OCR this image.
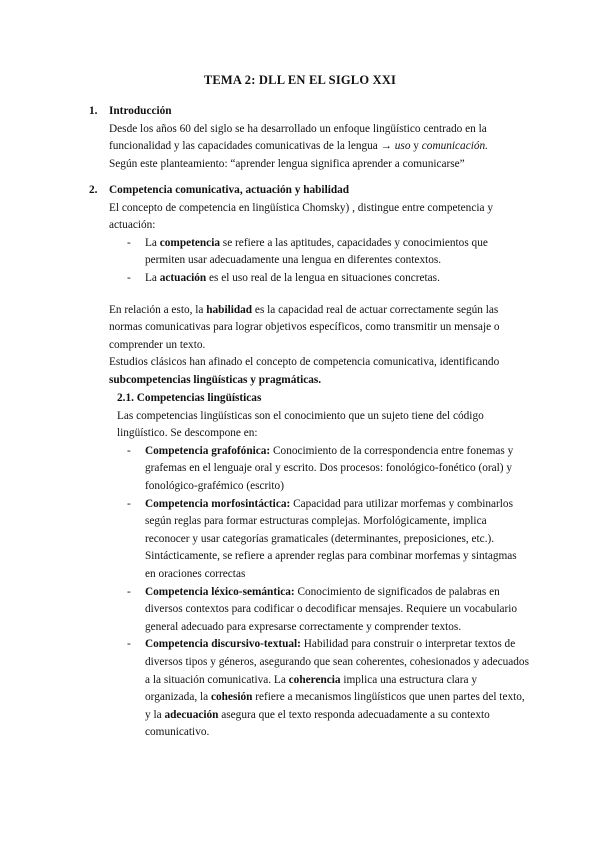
TEMA 2: DLL EN EL SIGLO XXI
1. Introducción

Desde los años 60 del siglo se ha desarrollado un enfoque lingüístico centrado en la funcionalidad y las capacidades comunicativas de la lengua → uso y comunicación.

Según este planteamiento: “aprender lengua significa aprender a comunicarse”

2. Competencia comunicativa, actuación y habilidad

El concepto de competencia en lingüística Chomsky) , distingue entre competencia y actuación:

- La competencia se refiere a las aptitudes, capacidades y conocimientos que permiten usar adecuadamente una lengua en diferentes contextos.
- La actuación es el uso real de la lengua en situaciones concretas.

En relación a esto, la habilidad es la capacidad real de actuar correctamente según las normas comunicativas para lograr objetivos específicos, como transmitir un mensaje o comprender un texto.

Estudios clásicos han afinado el concepto de competencia comunicativa, identificando subcompetencias lingüísticas y pragmáticas.

2.1. Competencias lingüísticas

Las competencias lingüísticas son el conocimiento que un sujeto tiene del código lingüístico. Se descompone en:

- Competencia grafofónica: Conocimiento de la correspondencia entre fonemas y grafemas en el lenguaje oral y escrito. Dos procesos: fonológico-fonético (oral) y fonológico-grafémico (escrito)
- Competencia morfosintáctica: Capacidad para utilizar morfemas y combinarlos según reglas para formar estructuras complejas. Morfológicamente, implica reconocer y usar categorías gramaticales (determinantes, preposiciones, etc.). Sintácticamente, se refiere a aprender reglas para combinar morfemas y sintagmas en oraciones correctas
- Competencia léxico-semántica: Conocimiento de significados de palabras en diversos contextos para codificar o decodificar mensajes. Requiere un vocabulario general adecuado para expresarse correctamente y comprender textos.
- Competencia discursivo-textual: Habilidad para construir o interpretar textos de diversos tipos y géneros, asegurando que sean coherentes, cohesionados y adecuados a la situación comunicativa. La coherencia implica una estructura clara y organizada, la cohesión refiere a mecanismos lingüísticos que unen partes del texto, y la adecuación asegura que el texto responda adecuadamente a su contexto comunicativo.
